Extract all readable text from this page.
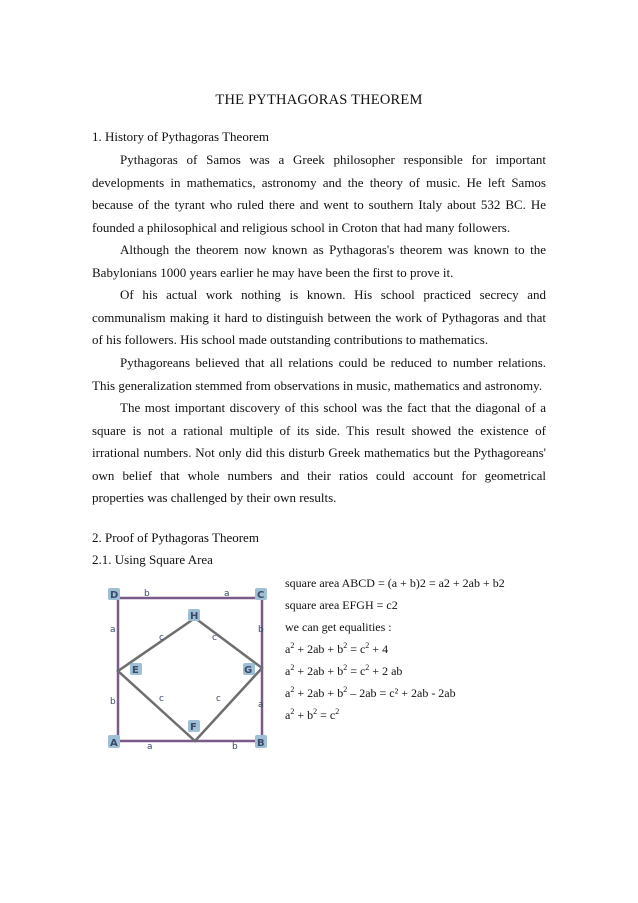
THE PYTHAGORAS THEOREM
1. History of Pythagoras Theorem

Pythagoras of Samos was a Greek philosopher responsible for important developments in mathematics, astronomy and the theory of music. He left Samos because of the tyrant who ruled there and went to southern Italy about 532 BC. He founded a philosophical and religious school in Croton that had many followers.

Although the theorem now known as Pythagoras's theorem was known to the Babylonians 1000 years earlier he may have been the first to prove it.

Of his actual work nothing is known. His school practiced secrecy and communalism making it hard to distinguish between the work of Pythagoras and that of his followers. His school made outstanding contributions to mathematics.

Pythagoreans believed that all relations could be reduced to number relations. This generalization stemmed from observations in music, mathematics and astronomy.

The most important discovery of this school was the fact that the diagonal of a square is not a rational multiple of its side. This result showed the existence of irrational numbers. Not only did this disturb Greek mathematics but the Pythagoreans' own belief that whole numbers and their ratios could account for geometrical properties was challenged by their own results.

2. Proof of Pythagoras Theorem
2.1. Using Square Area
square area ABCD = (a + b)2 = a2 + 2ab + b2
square area EFGH = c2
we can get equalities :
$a^2 + 2ab + b^2 = c^2 + 4$
$a^2 + 2ab + b^2 = c^2 + 2$ ab
$a^2 + 2ab + b^2 - 2ab = c^2 + 2ab - 2ab$
$a^2 + b^2 = c^2$
b	a
a
b
b
a
a	b
c	c
c	c
D	C
A	B
H
F
E	G
